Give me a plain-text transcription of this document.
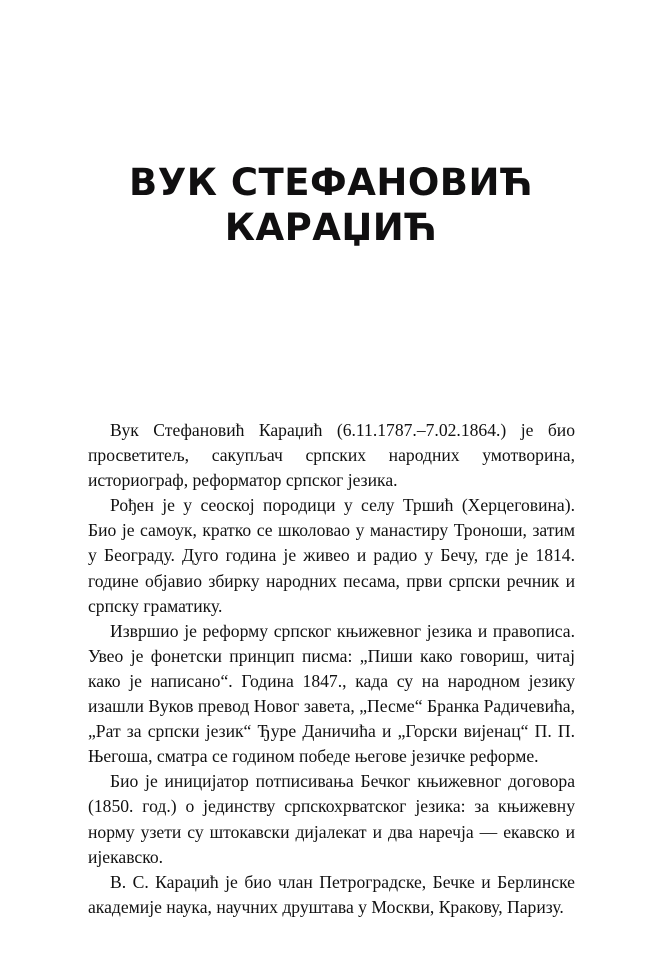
ВУК СТЕФАНОВИЋ
КАРАЏИЋ

Вук Стефановић Караџић (6.11.1787.–7.02.1864.) је био просветитељ, сакупљач српских народних умотворина, историограф, реформатор српског језика.

Рођен је у сеоској породици у селу Тршић (Херцеговина). Био је самоук, кратко се школовао у манастиру Троноши, затим у Београду. Дуго година је живео и радио у Бечу, где је 1814. године објавио збирку народних песама, први српски речник и српску граматику.

Извршио је реформу српског књижевног језика и правописа. Увео је фонетски принцип писма: „Пиши како говориш, читај како је написано“. Година 1847., када су на народном језику изашли Вуков превод Новог завета, „Песме“ Бранка Радичевића, „Рат за српски језик“ Ђуре Даничића и „Горски вијенац“ П. П. Његоша, сматра се годином победе његове језичке реформе.

Био је иницијатор потписивања Бечког књижевног договора (1850. год.) о јединству српскохрватског језика: за књижевну норму узети су штокавски дијалекат и два наречја — екавско и ијекавско.

В. С. Караџић је био члан Петроградске, Бечке и Берлинске академије наука, научних друштава у Москви, Кракову, Паризу.
